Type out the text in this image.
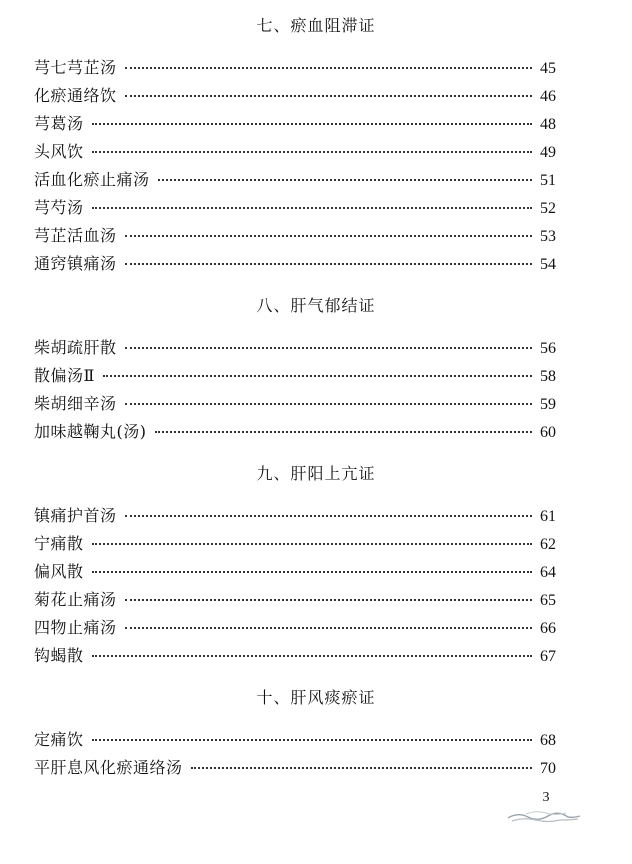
七、瘀血阻滞证
芎七芎芷汤	45
化瘀通络饮	46
芎葛汤	48
头风饮	49
活血化瘀止痛汤	51
芎芍汤	52
芎芷活血汤	53
通窍镇痛汤	54
八、肝气郁结证
柴胡疏肝散	56
散偏汤Ⅱ	58
柴胡细辛汤	59
加味越鞠丸(汤)	60
九、肝阳上亢证
镇痛护首汤	61
宁痛散	62
偏风散	64
菊花止痛汤	65
四物止痛汤	66
钩蝎散	67
十、肝风痰瘀证
定痛饮	68
平肝息风化瘀通络汤	70
3
